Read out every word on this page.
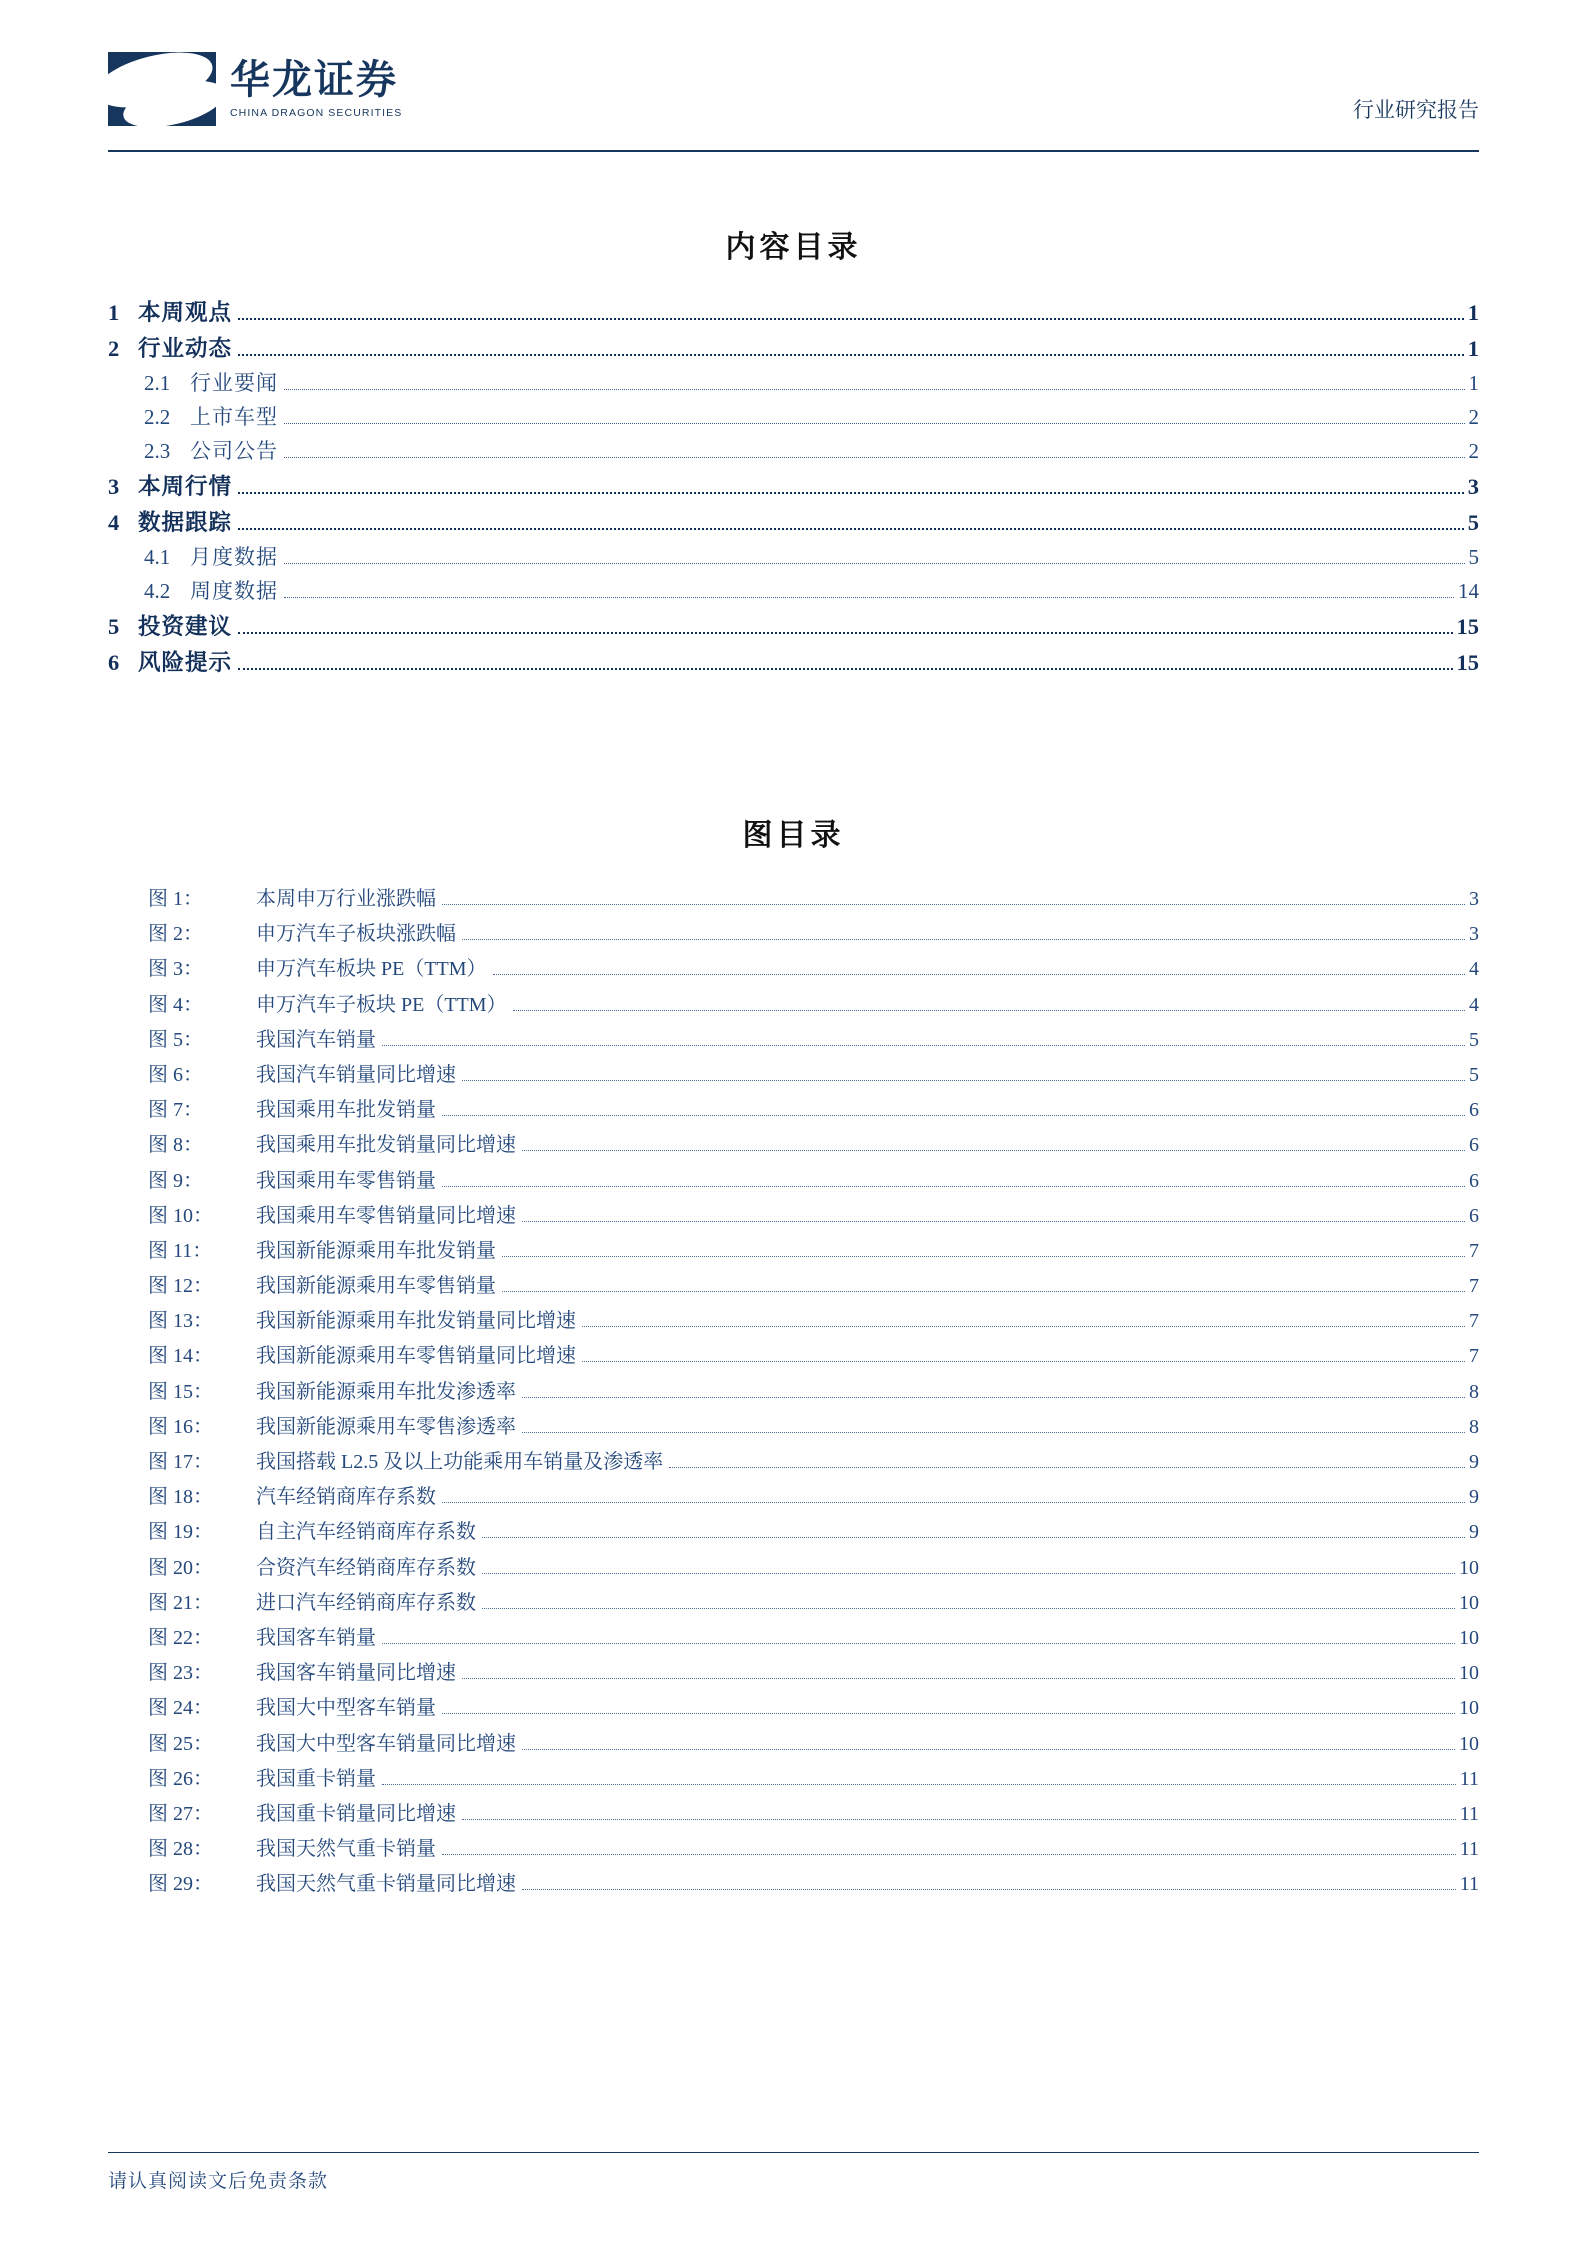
华龙证券
CHINA DRAGON SECURITIES	行业研究报告
内容目录
1 本周观点	1
2 行业动态	1
2.1 行业要闻	1
2.2 上市车型	2
2.3 公司公告	2
3 本周行情	3
4 数据跟踪	5
4.1 月度数据	5
4.2 周度数据	14
5 投资建议	15
6 风险提示	15
图目录
图 1：	本周申万行业涨跌幅	3
图 2：	申万汽车子板块涨跌幅	3
图 3：	申万汽车板块 PE（TTM）	4
图 4：	申万汽车子板块 PE（TTM）	4
图 5：	我国汽车销量	5
图 6：	我国汽车销量同比增速	5
图 7：	我国乘用车批发销量	6
图 8：	我国乘用车批发销量同比增速	6
图 9：	我国乘用车零售销量	6
图 10：	我国乘用车零售销量同比增速	6
图 11：	我国新能源乘用车批发销量	7
图 12：	我国新能源乘用车零售销量	7
图 13：	我国新能源乘用车批发销量同比增速	7
图 14：	我国新能源乘用车零售销量同比增速	7
图 15：	我国新能源乘用车批发渗透率	8
图 16：	我国新能源乘用车零售渗透率	8
图 17：	我国搭载 L2.5 及以上功能乘用车销量及渗透率	9
图 18：	汽车经销商库存系数	9
图 19：	自主汽车经销商库存系数	9
图 20：	合资汽车经销商库存系数	10
图 21：	进口汽车经销商库存系数	10
图 22：	我国客车销量	10
图 23：	我国客车销量同比增速	10
图 24：	我国大中型客车销量	10
图 25：	我国大中型客车销量同比增速	10
图 26：	我国重卡销量	11
图 27：	我国重卡销量同比增速	11
图 28：	我国天然气重卡销量	11
图 29：	我国天然气重卡销量同比增速	11
请认真阅读文后免责条款
